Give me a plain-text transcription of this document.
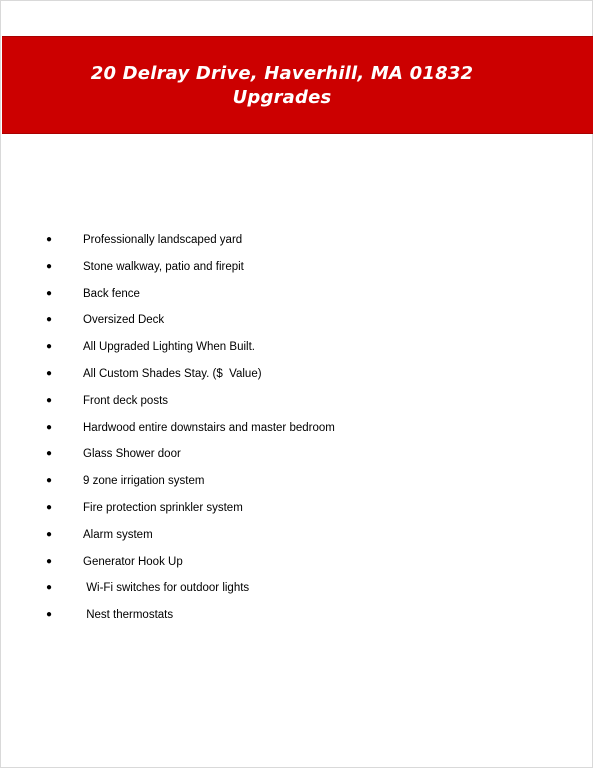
20 Delray Drive, Haverhill, MA 01832
Upgrades
●	Professionally landscaped yard
●	Stone walkway, patio and firepit
●	Back fence
●	Oversized Deck
●	All Upgraded Lighting When Built.
●	All Custom Shades Stay. ($  Value)
●	Front deck posts
●	Hardwood entire downstairs and master bedroom
●	Glass Shower door
●	9 zone irrigation system
●	Fire protection sprinkler system
●	Alarm system
●	Generator Hook Up
●	Wi-Fi switches for outdoor lights
●	Nest thermostats
